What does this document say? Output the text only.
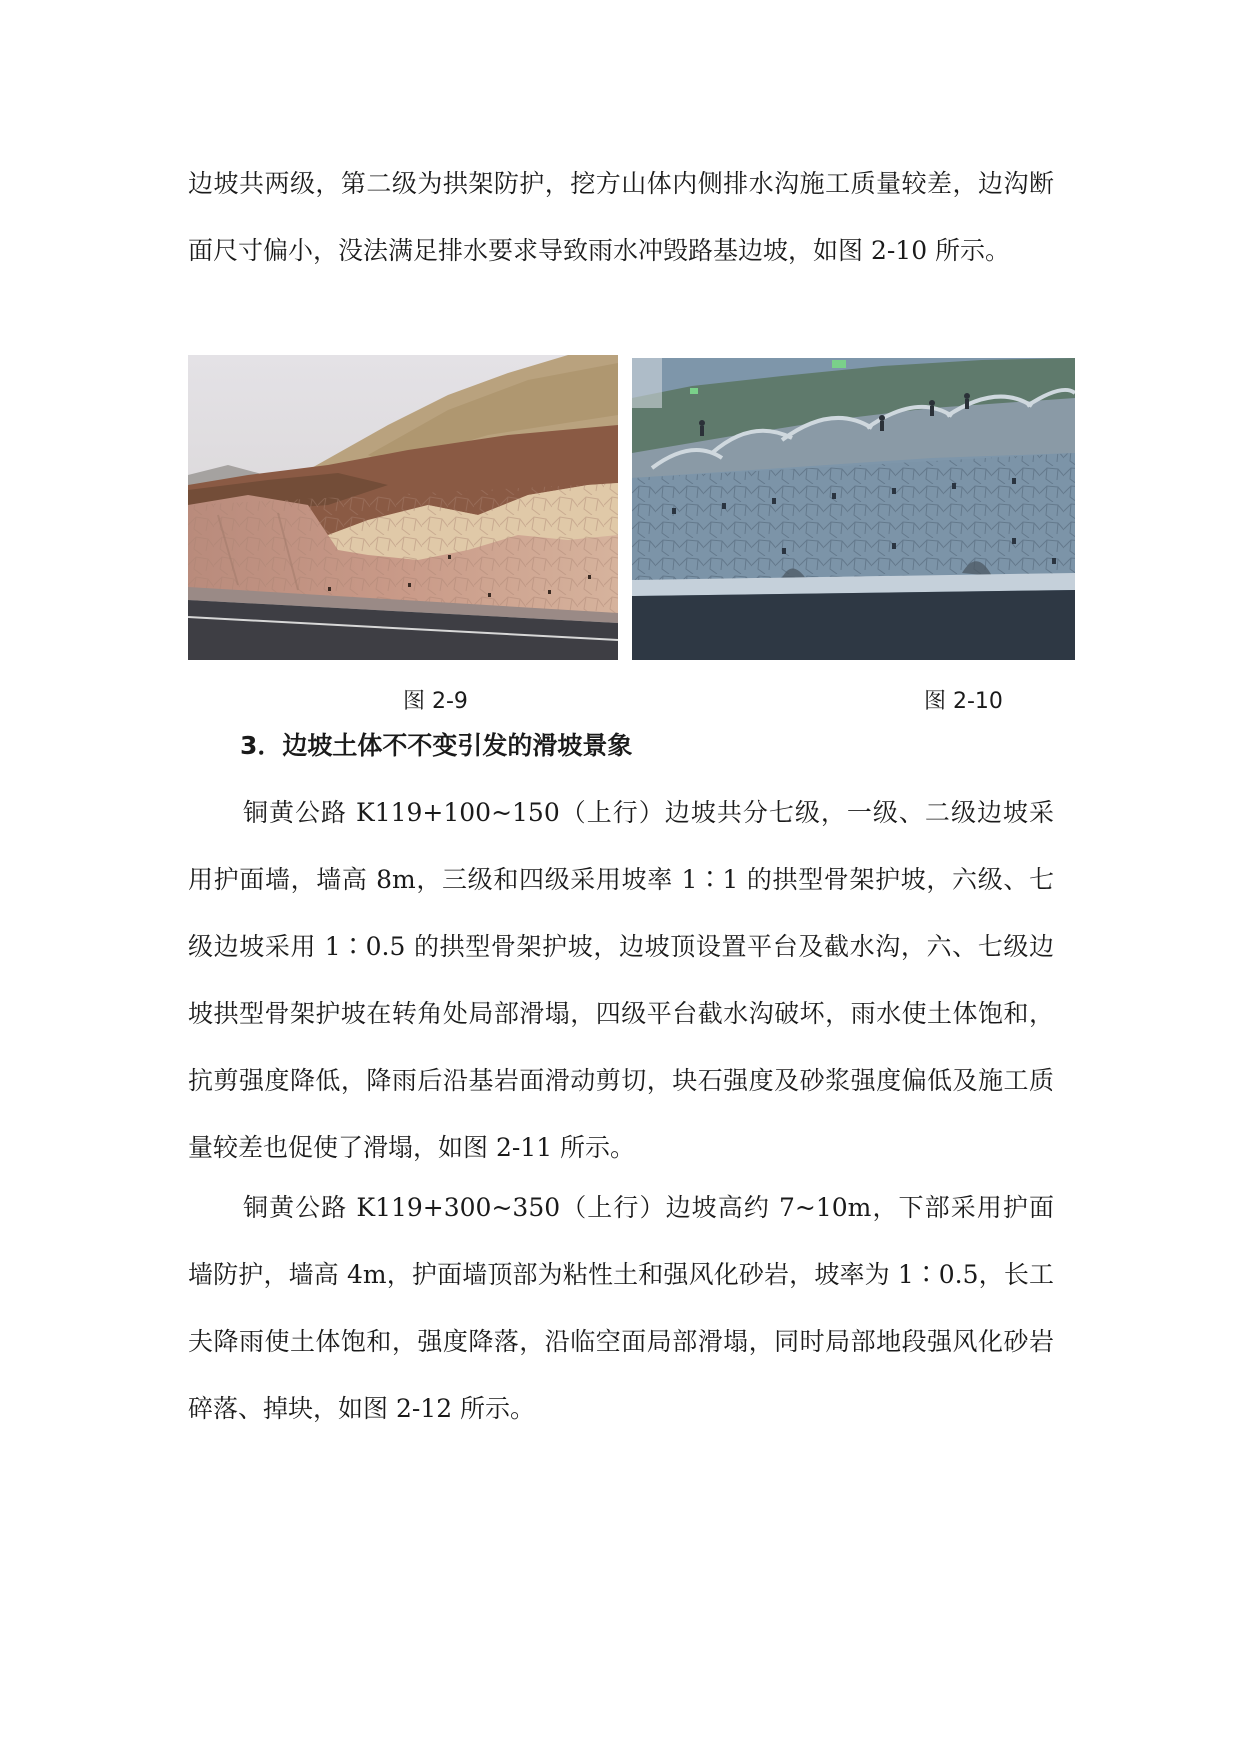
边坡共两级，第二级为拱架防护，挖方山体内侧排水沟施工质量较差，边沟断面尺寸偏小，没法满足排水要求导致雨水冲毁路基边坡，如图 2-10 所示。

图 2-9	图 2-10
3．边坡土体不不变引发的滑坡景象

铜黄公路 K119+100~150（上行）边坡共分七级，一级、二级边坡采用护面墙，墙高 8m，三级和四级采用坡率 1∶1 的拱型骨架护坡，六级、七级边坡采用 1∶0.5 的拱型骨架护坡，边坡顶设置平台及截水沟，六、七级边坡拱型骨架护坡在转角处局部滑塌，四级平台截水沟破坏，雨水使土体饱和，抗剪强度降低，降雨后沿基岩面滑动剪切，块石强度及砂浆强度偏低及施工质量较差也促使了滑塌，如图 2-11 所示。

铜黄公路 K119+300~350（上行）边坡高约 7~10m，下部采用护面墙防护，墙高 4m，护面墙顶部为粘性土和强风化砂岩，坡率为 1∶0.5，长工夫降雨使土体饱和，强度降落，沿临空面局部滑塌，同时局部地段强风化砂岩碎落、掉块，如图 2-12 所示。
